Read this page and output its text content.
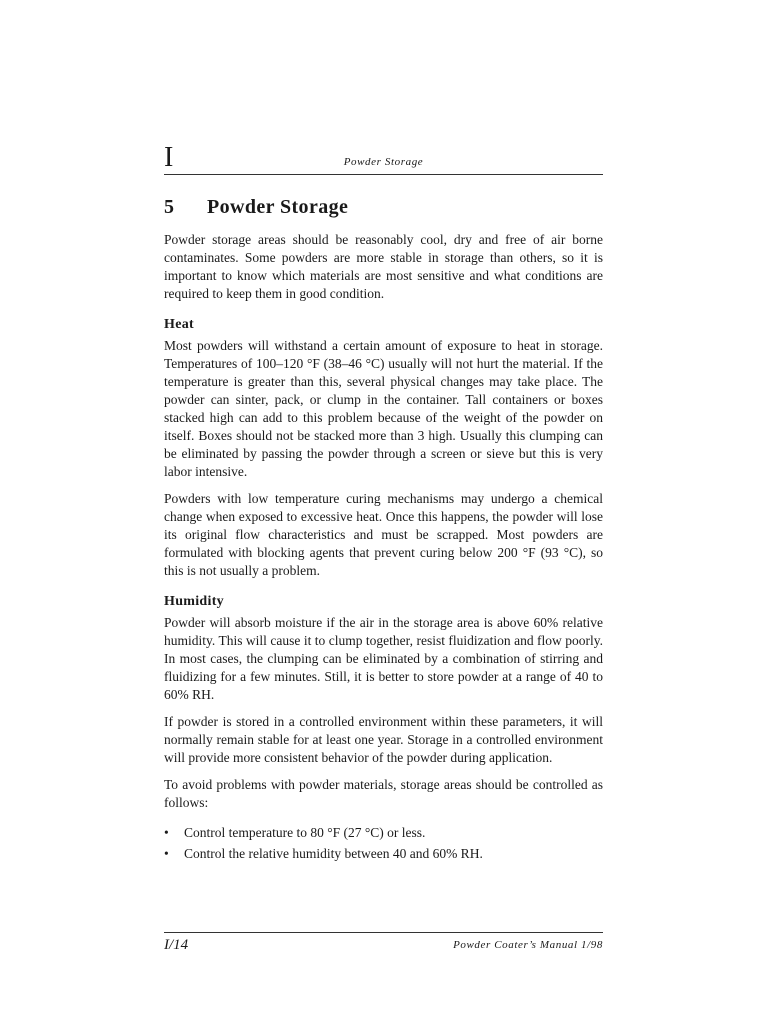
I	Powder Storage
5	Powder Storage

Powder storage areas should be reasonably cool, dry and free of air borne contaminates. Some powders are more stable in storage than others, so it is important to know which materials are most sensitive and what conditions are required to keep them in good condition.

Heat

Most powders will withstand a certain amount of exposure to heat in storage. Temperatures of 100–120 °F (38–46 °C) usually will not hurt the material. If the temperature is greater than this, several physical changes may take place. The powder can sinter, pack, or clump in the container. Tall containers or boxes stacked high can add to this problem because of the weight of the powder on itself. Boxes should not be stacked more than 3 high. Usually this clumping can be eliminated by passing the powder through a screen or sieve but this is very labor intensive.

Powders with low temperature curing mechanisms may undergo a chemical change when exposed to excessive heat. Once this happens, the powder will lose its original flow characteristics and must be scrapped. Most powders are formulated with blocking agents that prevent curing below 200 °F (93 °C), so this is not usually a problem.

Humidity

Powder will absorb moisture if the air in the storage area is above 60% relative humidity. This will cause it to clump together, resist fluidization and flow poorly. In most cases, the clumping can be eliminated by a combination of stirring and fluidizing for a few minutes. Still, it is better to store powder at a range of 40 to 60% RH.

If powder is stored in a controlled environment within these parameters, it will normally remain stable for at least one year. Storage in a controlled environment will provide more consistent behavior of the powder during application.

To avoid problems with powder materials, storage areas should be controlled as follows:

• Control temperature to 80 °F (27 °C) or less.
• Control the relative humidity between 40 and 60% RH.
I/14	Powder Coater’s Manual 1/98
